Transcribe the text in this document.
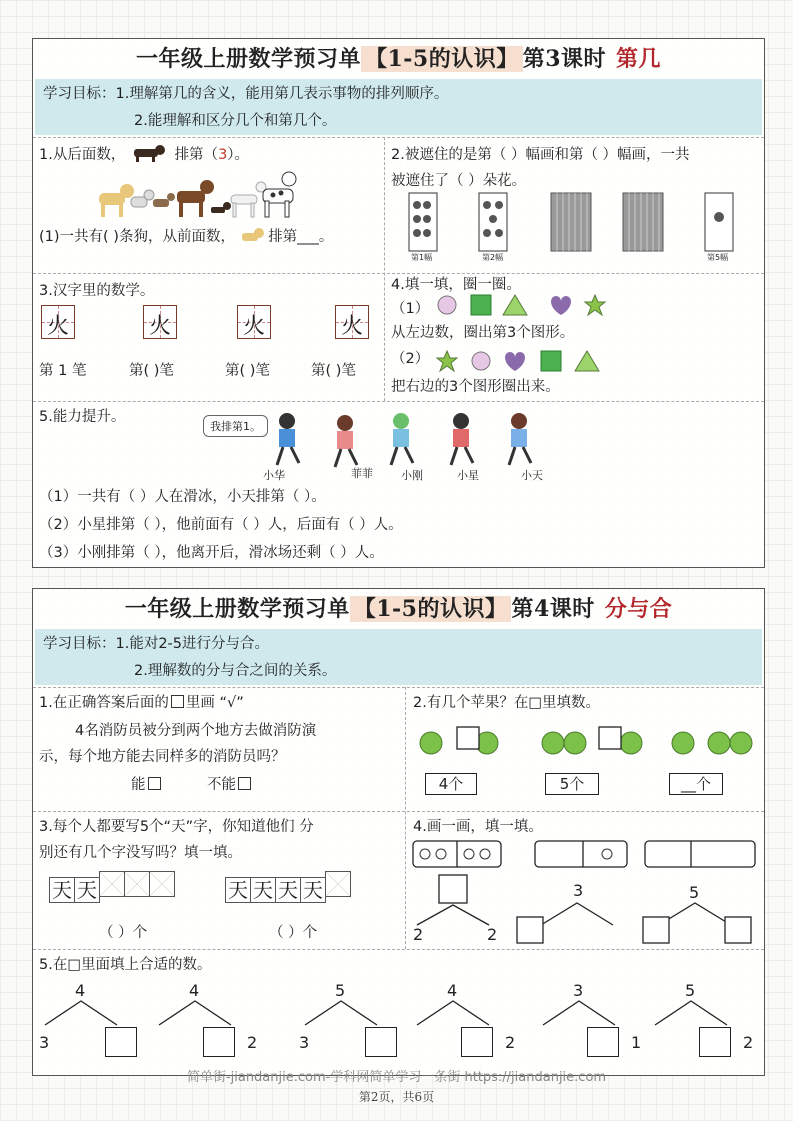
一年级上册数学预习单 【1-5的认识】 第3课时 第几
学习目标：1.理解第几的含义，能用第几表示事物的排列顺序。
2.能理解和区分几个和第几个。
1.从后面数，	排第（3）。
(1)一共有( )条狗，从前面数， 排第___。
2.被遮住的是第（ ）幅画和第（ ）幅画，一共
被遮住了（ ）朵花。
第1幅	第2幅	第5幅
3.汉字里的数学。
火	火	火	火
第 1 笔	第( )笔	第( )笔	第( )笔
4.填一填，圈一圈。
（1）
从左边数，圈出第3个图形。
（2）
把右边的3个图形圈出来。
5.能力提升。
我排第1。
小华	菲菲	小刚	小星	小天
（1）一共有（ ）人在滑冰，小天排第（ ）。
（2）小星排第（ ），他前面有（ ）人，后面有（ ）人。
（3）小刚排第（ ），他离开后，滑冰场还剩（ ）人。
一年级上册数学预习单 【1-5的认识】 第4课时 分与合
学习目标：1.能对2-5进行分与合。
2.理解数的分与合之间的关系。
1.在正确答案后面的 里画 “√”
4名消防员被分到两个地方去做消防演
示，每个地方能去同样多的消防员吗？
能	不能
2.有几个苹果？在□里填数。
4个	5个	__个
3.每个人都要写5个“天”字，你知道他们 分
别还有几个字没写吗？填一填。
天 天	天 天 天 天
（ ）个	（ ）个
4.画一画，填一填。
2	2
3	5
5.在□里面填上合适的数。
4
3
4
2
5
3
4
2
3
1
5
2
简单街-jiandanjie.com-学科网简单学习一条街 https://jiandanjie.com
第2页，共6页
